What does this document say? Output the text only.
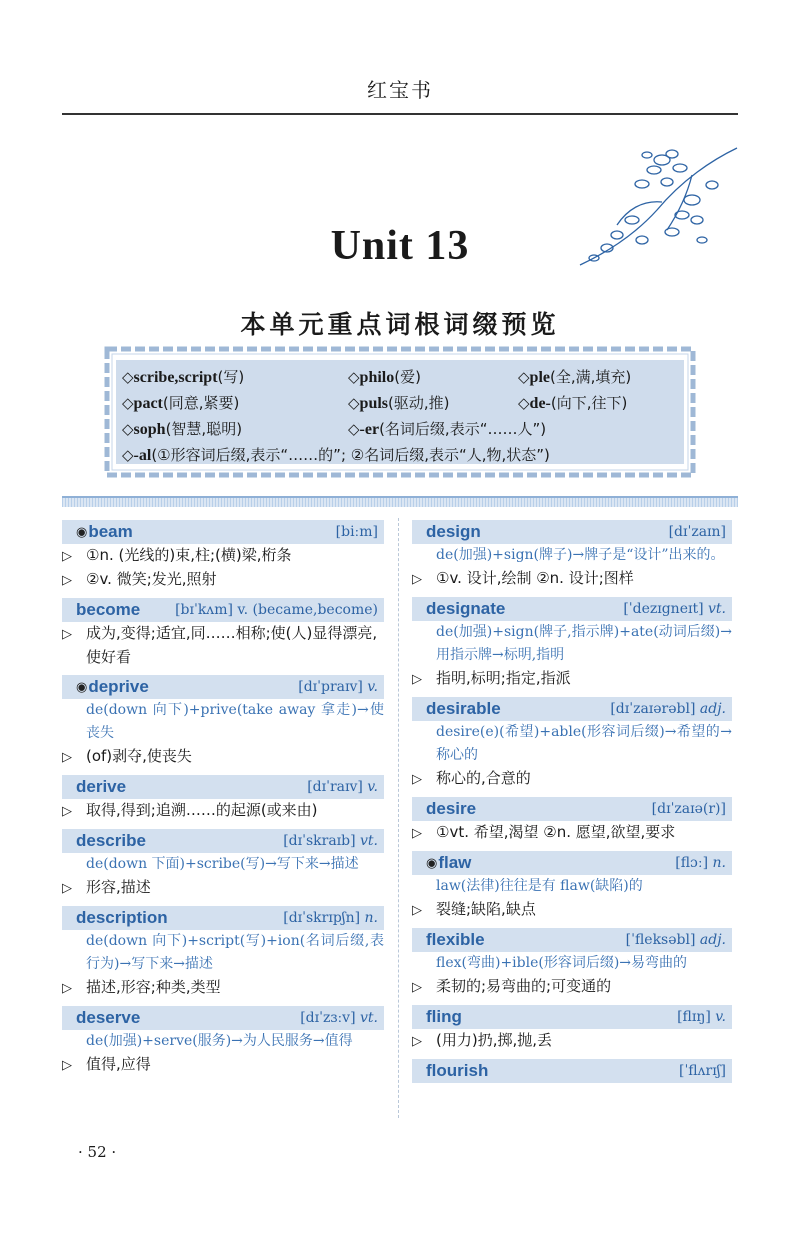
红宝书
Unit 13
本单元重点词根词缀预览
◇scribe,script(写)	◇philo(爱)	◇ple(全,满,填充)
◇pact(同意,紧要)	◇puls(驱动,推)	◇de-(向下,往下)
◇soph(智慧,聪明)	◇-er(名词后缀,表示“……人”)
◇-al(①形容词后缀,表示“……的”; ②名词后缀,表示“人,物,状态”)
◉ beam	[biːm]
▷ ①n. (光线的)束,柱;(横)梁,桁条
▷ ②v. 微笑;发光,照射
become [bɪˈkʌm] v. (became,become)
▷ 成为,变得;适宜,同……相称;使(人)显得漂亮,使好看
◉ deprive	[dɪˈpraɪv] v.
de(down 向下)+prive(take away 拿走)→使丧失
▷ (of)剥夺,使丧失
derive	[dɪˈraɪv] v.
▷ 取得,得到;追溯……的起源(或来由)
describe	[dɪˈskraɪb] vt.
de(down 下面)+scribe(写)→写下来→描述
▷ 形容,描述
description	[dɪˈskrɪpʃn] n.
de(down 向下)+script(写)+ion(名词后缀,表行为)→写下来→描述
▷ 描述,形容;种类,类型
deserve	[dɪˈzɜːv] vt.
de(加强)+serve(服务)→为人民服务→值得
▷ 值得,应得
design	[dɪˈzaɪn]
de(加强)+sign(牌子)→牌子是“设计”出来的。
▷ ①v. 设计,绘制 ②n. 设计;图样
designate	[ˈdezɪgneɪt] vt.
de(加强)+sign(牌子,指示牌)+ate(动词后缀)→用指示牌→标明,指明
▷ 指明,标明;指定,指派
desirable	[dɪˈzaɪərəbl] adj.
desire(e)(希望)+able(形容词后缀)→希望的→称心的
▷ 称心的,合意的
desire	[dɪˈzaɪə(r)]
▷ ①vt. 希望,渴望 ②n. 愿望,欲望,要求
◉ flaw	[flɔː] n.
law(法律)往往是有 flaw(缺陷)的
▷ 裂缝;缺陷,缺点
flexible	[ˈfleksəbl] adj.
flex(弯曲)+ible(形容词后缀)→易弯曲的
▷ 柔韧的;易弯曲的;可变通的
fling	[flɪŋ] v.
▷ (用力)扔,掷,抛,丢
flourish	[ˈflʌrɪʃ]
· 52 ·
